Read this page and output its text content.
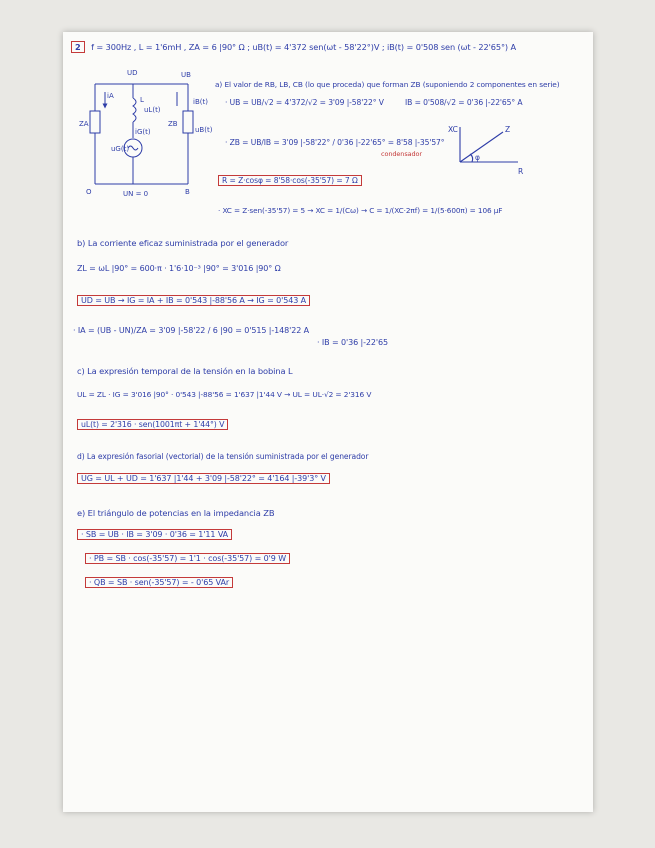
2 f = 300Hz , L = 1'6mH , ZA = 6 |90° Ω ; uB(t) = 4'372 sen(ωt - 58'22°)V ; iB(t) = 0'508 sen (ωt - 22'65°) A
UD	UB
iA	L
uL(t)
iG(t)
iB(t)
ZA	ZB
uG(t)
uB(t)
O	UN = 0	B
a) El valor de RB, LB, CB (lo que proceda) que forman ZB (suponiendo 2 componentes en serie)
· UB = UB/√2 = 4'372/√2 = 3'09 |-58'22° V	IB = 0'508/√2 = 0'36 |-22'65° A
· ZB = UB/IB = 3'09 |-58'22° / 0'36 |-22'65° = 8'58 |-35'57°
condensador
XC	Z
φ
R
R = Z·cosφ = 8'58·cos(-35'57) = 7 Ω
· XC = Z·sen(-35'57) = 5 → XC = 1/(Cω) → C = 1/(XC·2πf) = 1/(5·600π) = 106 μF
b) La corriente eficaz suministrada por el generador
ZL = ωL |90° = 600·π · 1'6·10⁻³ |90° = 3'016 |90° Ω
UD = UB → IG = IA + IB = 0'543 |-88'56 A → IG = 0'543 A
· IA = (UB - UN)/ZA = 3'09 |-58'22 / 6 |90 = 0'515 |-148'22 A
· IB = 0'36 |-22'65
c) La expresión temporal de la tensión en la bobina L
UL = ZL · IG = 3'016 |90° · 0'543 |-88'56 = 1'637 |1'44 V → UL = UL·√2 = 2'316 V
uL(t) = 2'316 · sen(1001πt + 1'44°) V
d) La expresión fasorial (vectorial) de la tensión suministrada por el generador
UG = UL + UD = 1'637 |1'44 + 3'09 |-58'22° = 4'164 |-39'3° V
e) El triángulo de potencias en la impedancia ZB
· SB = UB · IB = 3'09 · 0'36 = 1'11 VA
· PB = SB · cos(-35'57) = 1'1 · cos(-35'57) = 0'9 W
· QB = SB · sen(-35'57) = - 0'65 VAr
